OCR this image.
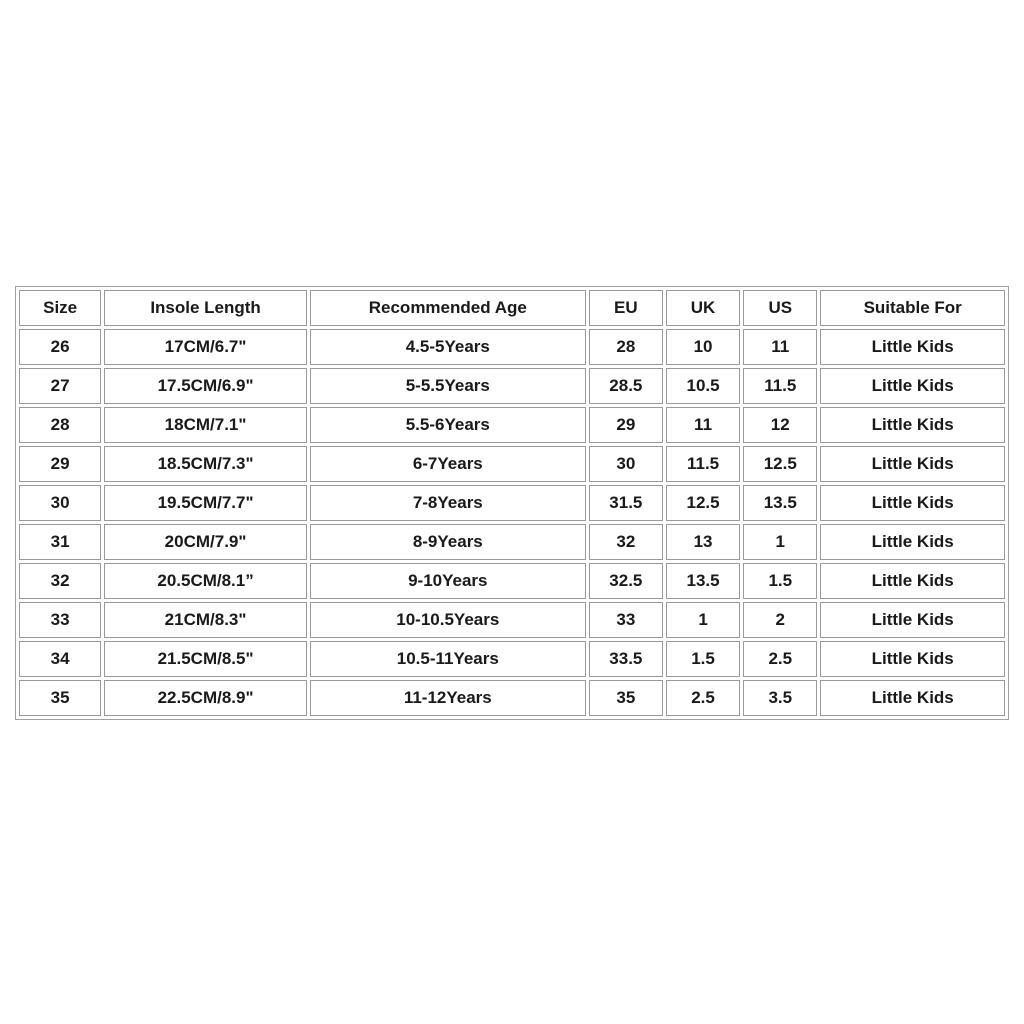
Size	Insole Length	Recommended Age	EU	UK	US	Suitable For
26	17CM/6.7"	4.5-5Years	28	10	11	Little Kids
27	17.5CM/6.9"	5-5.5Years	28.5	10.5	11.5	Little Kids
28	18CM/7.1"	5.5-6Years	29	11	12	Little Kids
29	18.5CM/7.3"	6-7Years	30	11.5	12.5	Little Kids
30	19.5CM/7.7"	7-8Years	31.5	12.5	13.5	Little Kids
31	20CM/7.9"	8-9Years	32	13	1	Little Kids
32	20.5CM/8.1”	9-10Years	32.5	13.5	1.5	Little Kids
33	21CM/8.3"	10-10.5Years	33	1	2	Little Kids
34	21.5CM/8.5"	10.5-11Years	33.5	1.5	2.5	Little Kids
35	22.5CM/8.9"	11-12Years	35	2.5	3.5	Little Kids
